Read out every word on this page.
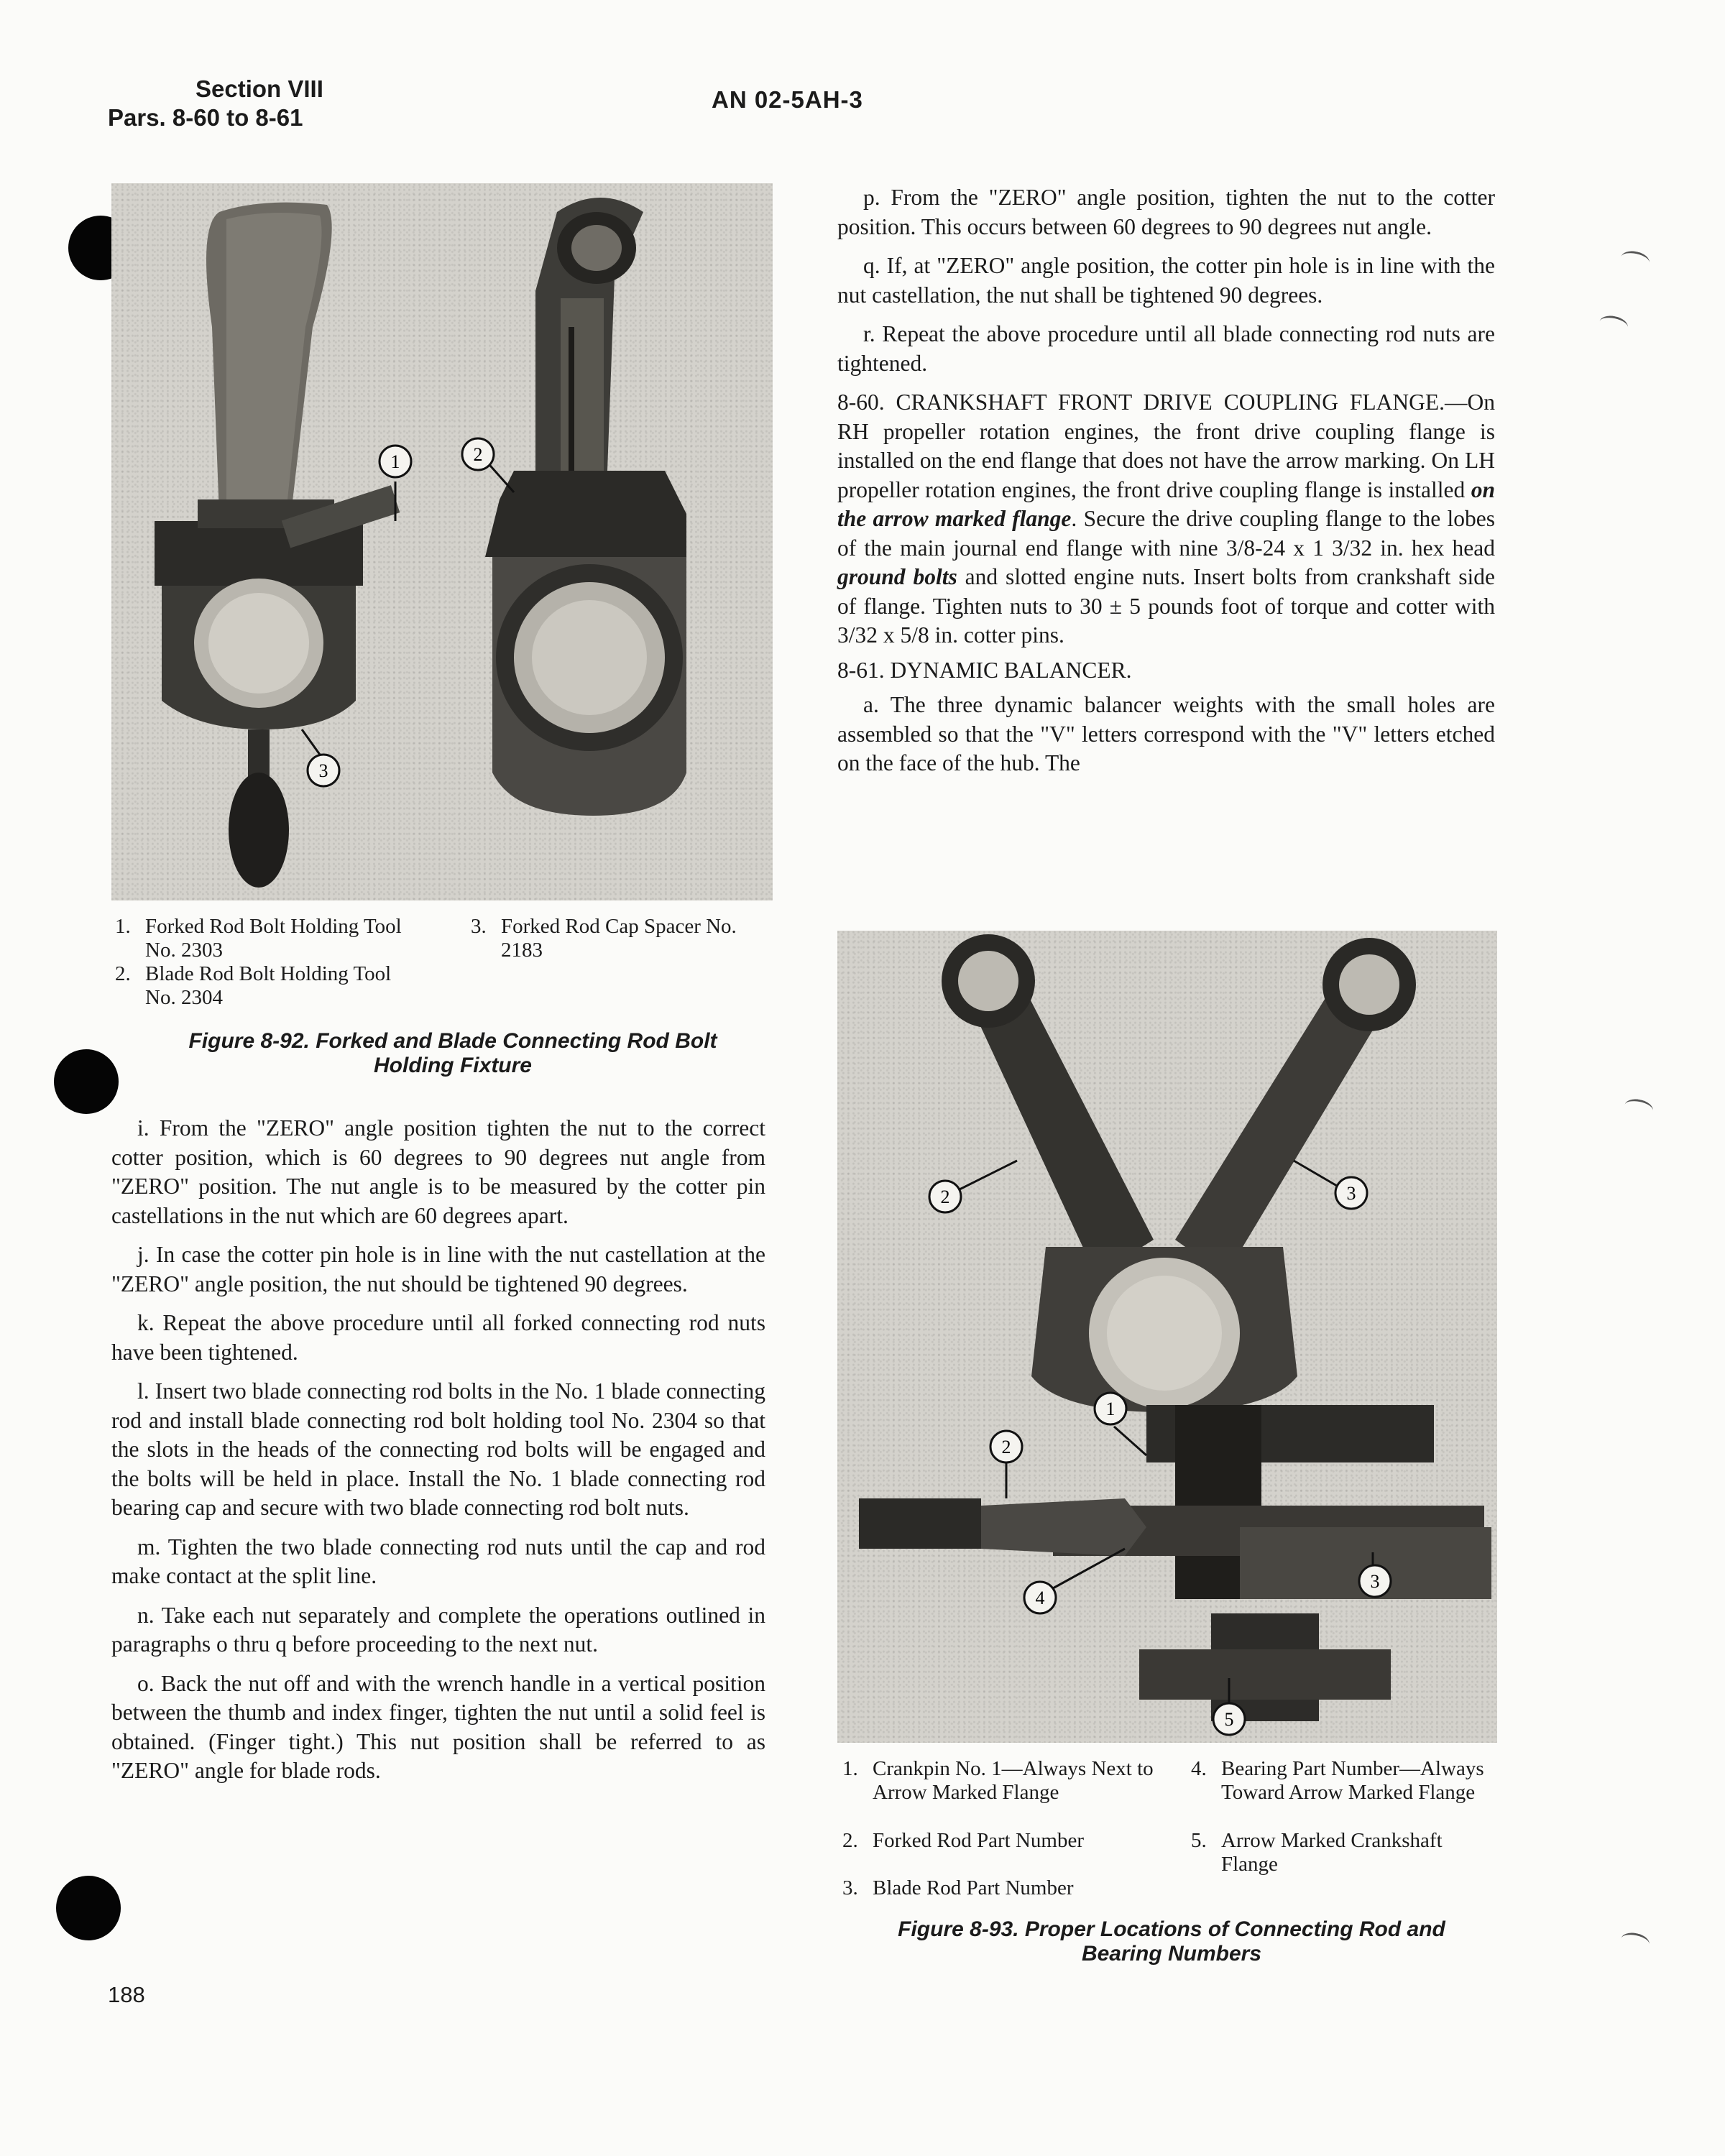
Section VIII
Pars. 8-60 to 8-61
AN 02-5AH-3
1	2
3
1. Forked Rod Bolt Holding Tool No. 2303
2. Blade Rod Bolt Holding Tool No. 2304
3. Forked Rod Cap Spacer No. 2183
Figure 8-92. Forked and Blade Connecting Rod Bolt Holding Fixture

i. From the "ZERO" angle position tighten the nut to the correct cotter position, which is 60 degrees to 90 degrees nut angle from "ZERO" position. The nut angle is to be measured by the cotter pin castellations in the nut which are 60 degrees apart.

j. In case the cotter pin hole is in line with the nut castellation at the "ZERO" angle position, the nut should be tightened 90 degrees.

k. Repeat the above procedure until all forked connecting rod nuts have been tightened.

l. Insert two blade connecting rod bolts in the No. 1 blade connecting rod and install blade connecting rod bolt holding tool No. 2304 so that the slots in the heads of the connecting rod bolts will be engaged and the bolts will be held in place. Install the No. 1 blade connecting rod bearing cap and secure with two blade connecting rod bolt nuts.

m. Tighten the two blade connecting rod nuts until the cap and rod make contact at the split line.

n. Take each nut separately and complete the operations outlined in paragraphs o thru q before proceeding to the next nut.

o. Back the nut off and with the wrench handle in a vertical position between the thumb and index finger, tighten the nut until a solid feel is obtained. (Finger tight.) This nut position shall be referred to as "ZERO" angle for blade rods.

p. From the "ZERO" angle position, tighten the nut to the cotter position. This occurs between 60 degrees to 90 degrees nut angle.

q. If, at "ZERO" angle position, the cotter pin hole is in line with the nut castellation, the nut shall be tightened 90 degrees.

r. Repeat the above procedure until all blade connecting rod nuts are tightened.

8-60. CRANKSHAFT FRONT DRIVE COUPLING FLANGE.—On RH propeller rotation engines, the front drive coupling flange is installed on the end flange that does not have the arrow marking. On LH propeller rotation engines, the front drive coupling flange is installed on the arrow marked flange. Secure the drive coupling flange to the lobes of the main journal end flange with nine 3/8-24 x 1 3/32 in. hex head ground bolts and slotted engine nuts. Insert bolts from crankshaft side of flange. Tighten nuts to 30 ± 5 pounds foot of torque and cotter with 3/32 x 5/8 in. cotter pins.

8-61. DYNAMIC BALANCER.

a. The three dynamic balancer weights with the small holes are assembled so that the "V" letters correspond with the "V" letters etched on the face of the hub. The

2	3
1
2
4
3
5
1. Crankpin No. 1—Always Next to Arrow Marked Flange
2. Forked Rod Part Number
3. Blade Rod Part Number
4. Bearing Part Number—Always Toward Arrow Marked Flange
5. Arrow Marked Crankshaft Flange
Figure 8-93. Proper Locations of Connecting Rod and Bearing Numbers
188
